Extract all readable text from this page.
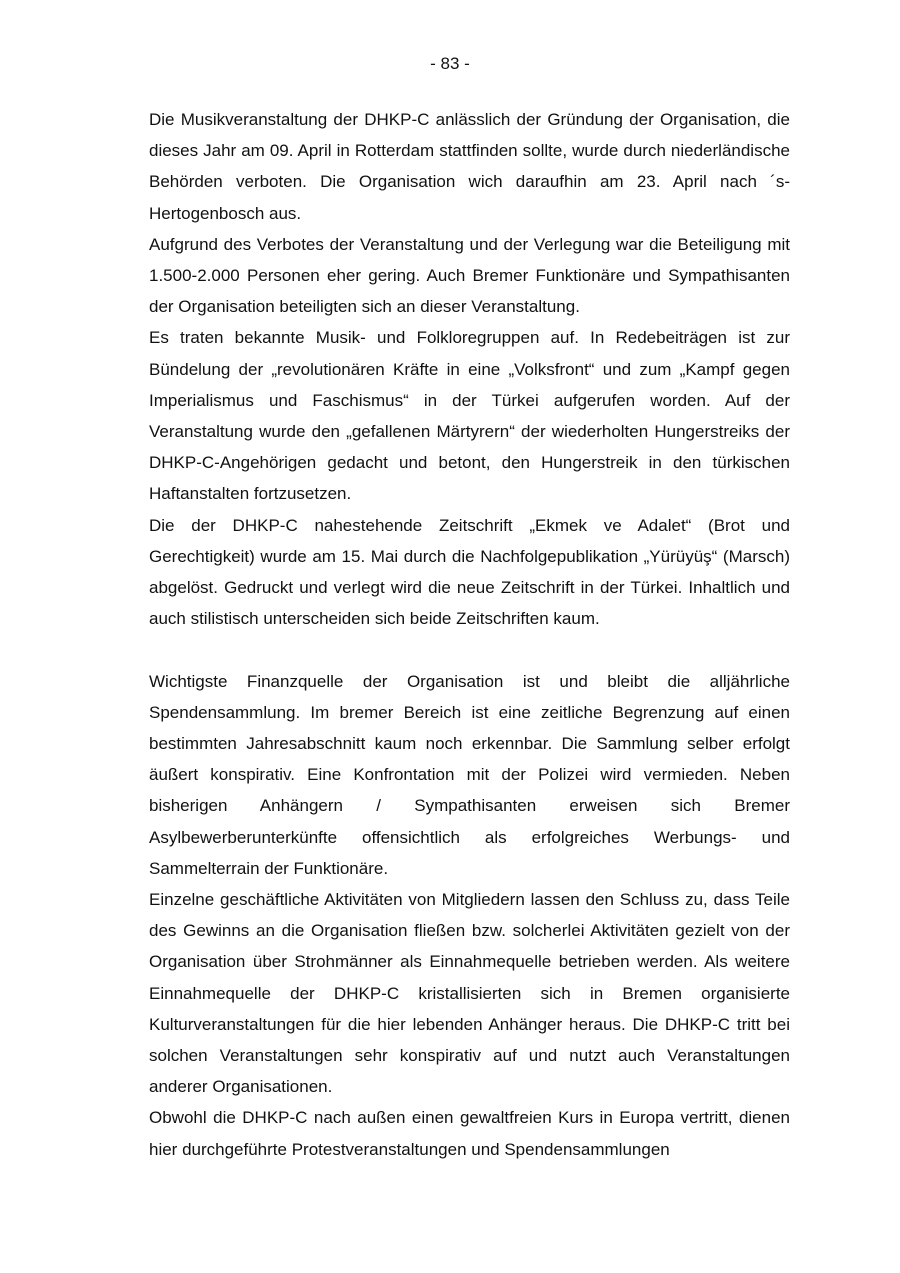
- 83 -

Die Musikveranstaltung der DHKP-C anlässlich der Gründung der Organisation, die dieses Jahr am 09. April in Rotterdam stattfinden sollte, wurde durch niederländische Behörden verboten. Die Organisation wich daraufhin am 23. April nach ´s-Hertogenbosch aus.

Aufgrund des Verbotes der Veranstaltung und der Verlegung war die Beteiligung mit 1.500-2.000 Personen eher gering. Auch Bremer Funktionäre und Sympathisanten der Organisation beteiligten sich an dieser Veranstaltung.

Es traten bekannte Musik- und Folkloregruppen auf. In Redebeiträgen ist zur Bündelung der „revolutionären Kräfte in eine „Volksfront“ und zum „Kampf gegen Imperialismus und Faschismus“ in der Türkei aufgerufen worden. Auf der Veranstaltung wurde den „gefallenen Märtyrern“ der wiederholten Hungerstreiks der DHKP-C-Angehörigen gedacht und betont, den Hungerstreik in den türkischen Haftanstalten fortzusetzen.

Die der DHKP-C nahestehende Zeitschrift „Ekmek ve Adalet“ (Brot und Gerechtigkeit) wurde am 15. Mai durch die Nachfolgepublikation „Yürüyüş“ (Marsch) abgelöst. Gedruckt und verlegt wird die neue Zeitschrift in der Türkei. Inhaltlich und auch stilistisch unterscheiden sich beide Zeitschriften kaum.

Wichtigste Finanzquelle der Organisation ist und bleibt die alljährliche Spendensammlung. Im bremer Bereich ist eine zeitliche Begrenzung auf einen bestimmten Jahresabschnitt kaum noch erkennbar. Die Sammlung selber erfolgt äußert konspirativ. Eine Konfrontation mit der Polizei wird vermieden. Neben bisherigen Anhängern / Sympathisanten erweisen sich Bremer Asylbewerberunterkünfte offensichtlich als erfolgreiches Werbungs- und Sammelterrain der Funktionäre.

Einzelne geschäftliche Aktivitäten von Mitgliedern lassen den Schluss zu, dass Teile des Gewinns an die Organisation fließen bzw. solcherlei Aktivitäten gezielt von der Organisation über Strohmänner als Einnahmequelle betrieben werden. Als weitere Einnahmequelle der DHKP-C kristallisierten sich in Bremen organisierte Kulturveranstaltungen für die hier lebenden Anhänger heraus. Die DHKP-C tritt bei solchen Veranstaltungen sehr konspirativ auf und nutzt auch Veranstaltungen anderer Organisationen.

Obwohl die DHKP-C nach außen einen gewaltfreien Kurs in Europa vertritt, dienen hier durchgeführte Protestveranstaltungen und Spendensammlungen
